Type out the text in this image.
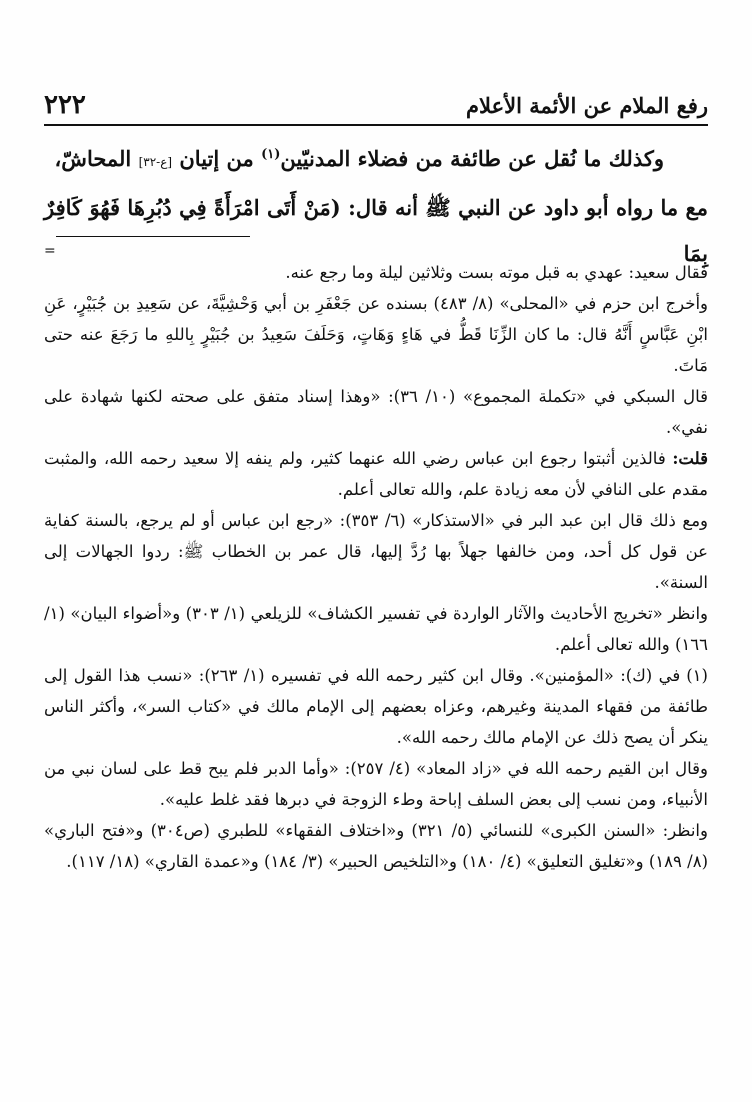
رفع الملام عن الأئمة الأعلام
٢٢٢

وكذلك ما نُقل عن طائفة من فضلاء المدنيّين$^{(١)}$ من إتيان [ع-٣٢] المحاشّ،

مع ما رواه أبو داود عن النبي ﷺ أنه قال: (مَنْ أَتَى امْرَأَةً فِي دُبُرِهَا فَهُوَ كَافِرٌ بِمَا

=

فقال سعيد: عهدي به قبل موته بست وثلاثين ليلة وما رجع عنه.

وأخرج ابن حزم في «المحلى» (٨/ ٤٨٣) بسنده عن جَعْفَرِ بن أبي وَحْشِيَّةَ، عن سَعِيدِ بن جُبَيْرٍ، عَنِ ابْنِ عَبَّاسٍ أَنَّهُ قال: ما كان الزِّنَا قَطُّ في هَاءٍ وَهَاتٍ، وَحَلَفَ سَعِيدُ بن جُبَيْرٍ بِاللهِ ما رَجَعَ عنه حتى مَاتَ.

قال السبكي في «تكملة المجموع» (١٠/ ٣٦): «وهذا إسناد متفق على صحته لكنها شهادة على نفي».

قلت: فالذين أثبتوا رجوع ابن عباس رضي الله عنهما كثير، ولم ينفه إلا سعيد رحمه الله، والمثبت مقدم على النافي لأن معه زيادة علم، والله تعالى أعلم.

ومع ذلك قال ابن عبد البر في «الاستذكار» (٦/ ٣٥٣): «رجع ابن عباس أو لم يرجع، بالسنة كفاية عن قول كل أحد، ومن خالفها جهلاً بها رُدَّ إليها، قال عمر بن الخطاب ﷺ: ردوا الجهالات إلى السنة».

وانظر «تخريج الأحاديث والآثار الواردة في تفسير الكشاف» للزيلعي (١/ ٣٠٣) و«أضواء البيان» (١/ ١٦٦) والله تعالى أعلم.

(١)في (ك): «المؤمنين». وقال ابن كثير رحمه الله في تفسيره (١/ ٢٦٣): «نسب هذا القول إلى طائفة من فقهاء المدينة وغيرهم، وعزاه بعضهم إلى الإمام مالك في «كتاب السر»، وأكثر الناس ينكر أن يصح ذلك عن الإمام مالك رحمه الله».

وقال ابن القيم رحمه الله في «زاد المعاد» (٤/ ٢٥٧): «وأما الدبر فلم يبح قط على لسان نبي من الأنبياء، ومن نسب إلى بعض السلف إباحة وطء الزوجة في دبرها فقد غلط عليه».

وانظر: «السنن الكبرى» للنسائي (٥/ ٣٢١) و«اختلاف الفقهاء» للطبري (ص٣٠٤) و«فتح الباري» (٨/ ١٨٩) و«تغليق التعليق» (٤/ ١٨٠) و«التلخيص الحبير» (٣/ ١٨٤) و«عمدة القاري» (١٨/ ١١٧).
